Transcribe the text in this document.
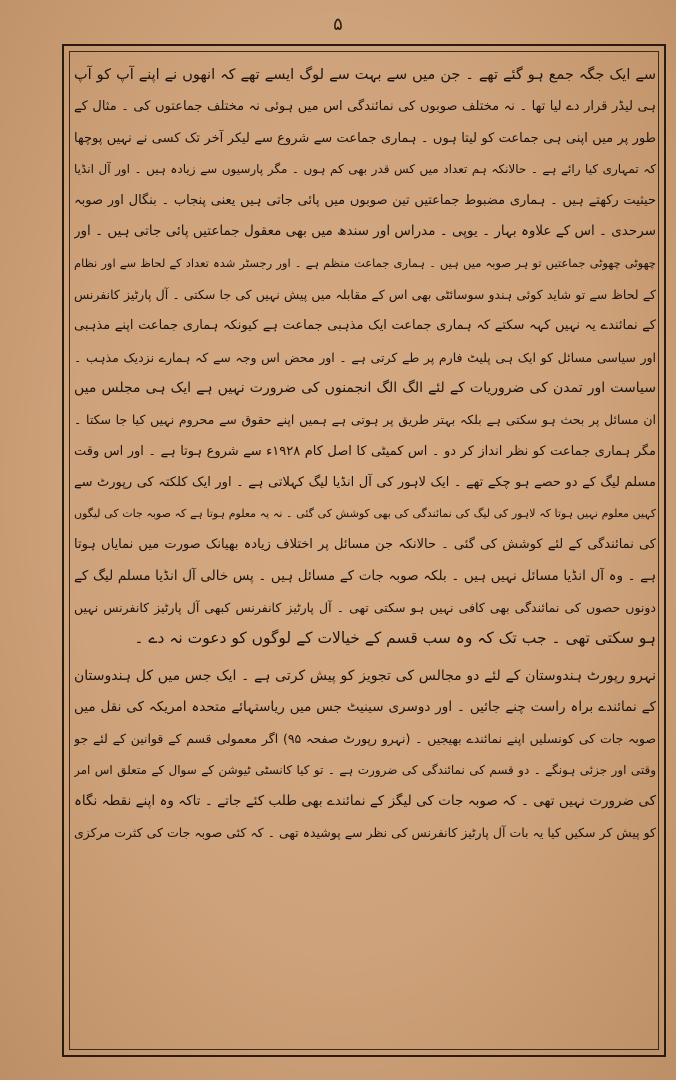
۵
سے ایک جگہ جمع ہو گئے تھے ۔ جن میں سے بہت سے لوگ ایسے تھے کہ انھوں نے اپنے آپ کو آپ
ہی لیڈر قرار دے لیا تھا ۔ نہ مختلف صوبوں کی نمائندگی اس میں ہوئی نہ مختلف جماعتوں کی ۔ مثال کے
طور پر میں اپنی ہی جماعت کو لیتا ہوں ۔ ہماری جماعت سے شروع سے لیکر آخر تک کسی نے نہیں پوچھا
کہ تمہاری کیا رائے ہے ۔ حالانکہ ہم تعداد میں کس قدر بھی کم ہوں ۔ مگر پارسیوں سے زیادہ ہیں ۔ اور آل انڈیا
حیثیت رکھتے ہیں ۔ ہماری مضبوط جماعتیں تین صوبوں میں پائی جاتی ہیں یعنی پنجاب ۔ بنگال اور صوبہ
سرحدی ۔ اس کے علاوہ بہار ۔ یوپی ۔ مدراس اور سندھ میں بھی معقول جماعتیں پائی جاتی ہیں ۔ اور
چھوٹی چھوٹی جماعتیں تو ہر صوبہ میں ہیں ۔ ہماری جماعت منظم ہے ۔ اور رجسٹر شدہ تعداد کے لحاظ سے اور نظام
کے لحاظ سے تو شاید کوئی ہندو سوسائٹی بھی اس کے مقابلہ میں پیش نہیں کی جا سکتی ۔ آل پارٹیز کانفرنس
کے نمائندے یہ نہیں کہہ سکتے کہ ہماری جماعت ایک مذہبی جماعت ہے کیونکہ ہماری جماعت اپنے مذہبی
اور سیاسی مسائل کو ایک ہی پلیٹ فارم پر طے کرتی ہے ۔ اور محض اس وجہ سے کہ ہمارے نزدیک مذہب ۔
سیاست اور تمدن کی ضروریات کے لئے الگ الگ انجمنوں کی ضرورت نہیں ہے ایک ہی مجلس میں
ان مسائل پر بحث ہو سکتی ہے بلکہ بہتر طریق پر ہوتی ہے ہمیں اپنے حقوق سے محروم نہیں کیا جا سکتا ۔
مگر ہماری جماعت کو نظر انداز کر دو ۔ اس کمیٹی کا اصل کام ۱۹۲۸ء سے شروع ہوتا ہے ۔ اور اس وقت
مسلم لیگ کے دو حصے ہو چکے تھے ۔ ایک لاہور کی آل انڈیا لیگ کہلاتی ہے ۔ اور ایک کلکتہ کی رپورٹ سے
کہیں معلوم نہیں ہوتا کہ لاہور کی لیگ کی نمائندگی کی بھی کوشش کی گئی ۔ نہ یہ معلوم ہوتا ہے کہ صوبہ جات کی لیگوں
کی نمائندگی کے لئے کوشش کی گئی ۔ حالانکہ جن مسائل پر اختلاف زیادہ بھیانک صورت میں نمایاں ہوتا
ہے ۔ وہ آل انڈیا مسائل نہیں ہیں ۔ بلکہ صوبہ جات کے مسائل ہیں ۔ پس خالی آل انڈیا مسلم لیگ کے
دونوں حصوں کی نمائندگی بھی کافی نہیں ہو سکتی تھی ۔ آل پارٹیز کانفرنس کبھی آل پارٹیز کانفرنس نہیں
ہو سکتی تھی ۔ جب تک کہ وہ سب قسم کے خیالات کے لوگوں کو دعوت نہ دے ۔
نہرو رپورٹ ہندوستان کے لئے دو مجالس کی تجویز کو پیش کرتی ہے ۔ ایک جس میں کل ہندوستان
کے نمائندے براہ راست چنے جائیں ۔ اور دوسری سینیٹ جس میں ریاستہائے متحدہ امریکہ کی نقل میں
صوبہ جات کی کونسلیں اپنے نمائندے بھیجیں ۔ (نہرو رپورٹ صفحہ ۹۵) اگر معمولی قسم کے قوانین کے لئے جو
وقتی اور جزئی ہونگے ۔ دو قسم کی نمائندگی کی ضرورت ہے ۔ تو کیا کانسٹی ٹیوشن کے سوال کے متعلق اس امر
کی ضرورت نہیں تھی ۔ کہ صوبہ جات کی لیگز کے نمائندے بھی طلب کئے جاتے ۔ تاکہ وہ اپنے نقطہ نگاہ
کو پیش کر سکیں کیا یہ بات آل پارٹیز کانفرنس کی نظر سے پوشیدہ تھی ۔ کہ کئی صوبہ جات کی کثرت مرکزی
